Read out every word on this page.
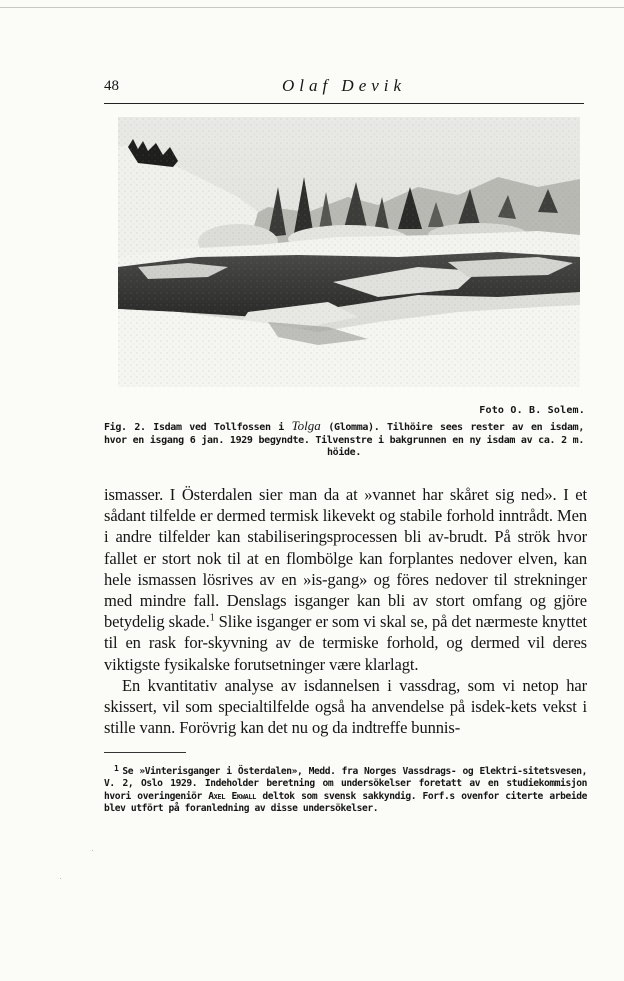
48	Olaf Devik
Foto O. B. Solem.
Fig. 2. Isdam ved Tollfossen i Tolga (Glomma). Tilhöire sees rester av en isdam, hvor en isgang 6 jan. 1929 begyndte. Tilvenstre i bakgrunnen en ny isdam av ca. 2 m. höide.

ismasser. I Österdalen sier man da at »vannet har skåret sig ned». I et sådant tilfelde er dermed termisk likevekt og stabile forhold inntrådt. Men i andre tilfelder kan stabiliseringsprocessen bli av-brudt. På strök hvor fallet er stort nok til at en flombölge kan forplantes nedover elven, kan hele ismassen lösrives av en »is-gang» og föres nedover til strekninger med mindre fall. Denslags isganger kan bli av stort omfang og gjöre betydelig skade.$^1$ Slike isganger er som vi skal se, på det nærmeste knyttet til en rask for-skyvning av de termiske forhold, og dermed vil deres viktigste fysikalske forutsetninger være klarlagt.

En kvantitativ analyse av isdannelsen i vassdrag, som vi netop har skissert, vil som specialtilfelde også ha anvendelse på isdek-kets vekst i stille vann. Forövrig kan det nu og da indtreffe bunnis-

$^1$ Se »Vinterisganger i Österdalen», Medd. fra Norges Vassdrags- og Elektri-sitetsvesen, V. 2, Oslo 1929. Indeholder beretning om undersökelser foretatt av en studiekommisjon hvori overingeniör Axel Ekwall deltok som svensk sakkyndig. Forf.s ovenfor citerte arbeide blev utfört på foranledning av disse undersökelser.
